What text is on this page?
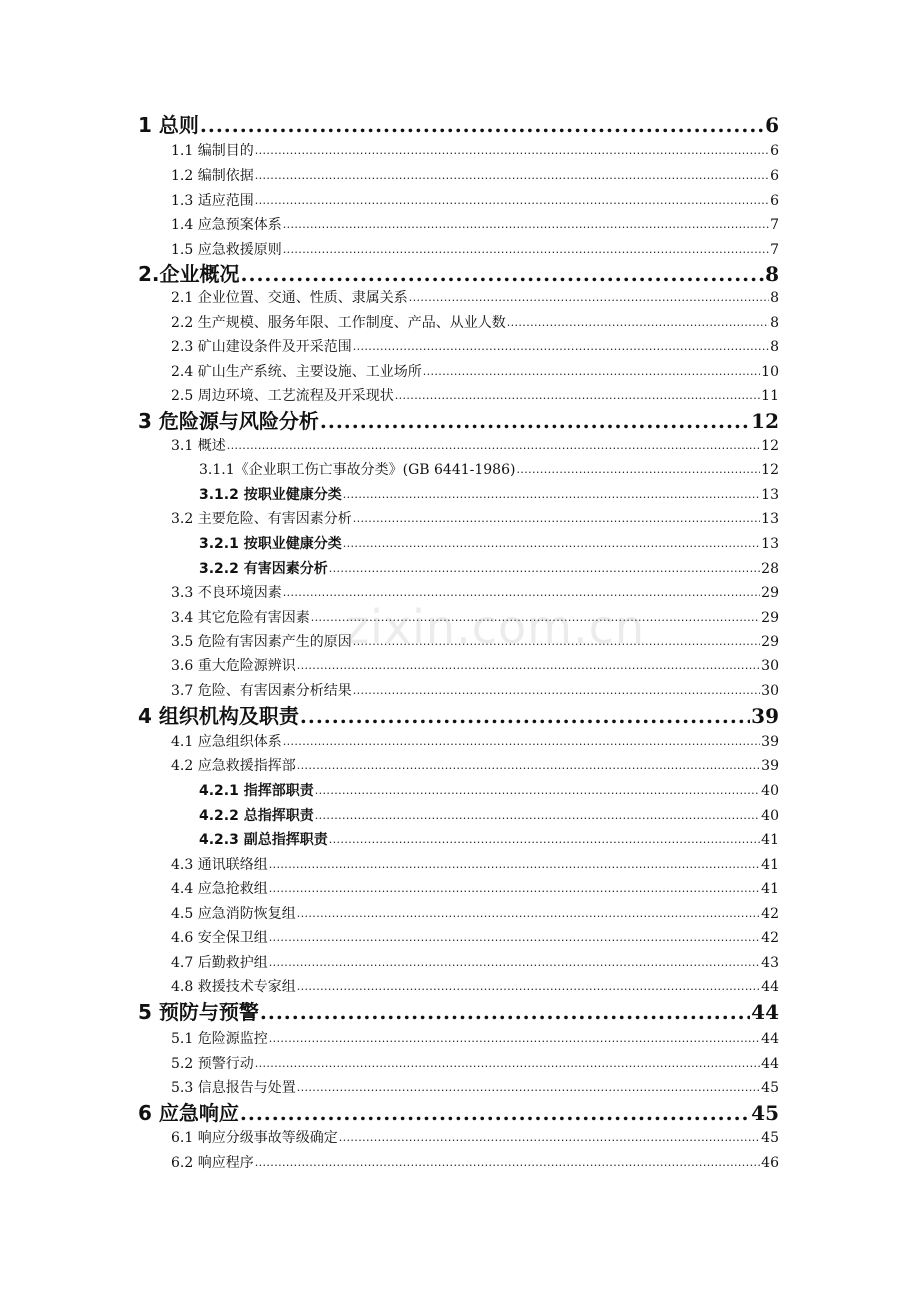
1 总则 .....	6
1.1 编制目的 .....	6
1.2 编制依据 .....	6
1.3 适应范围 .....	6
1.4 应急预案体系 .....	7
1.5 应急救援原则 .....	7
2.企业概况 .....	8
2.1 企业位置、交通、性质、隶属关系 .....	8
2.2 生产规模、服务年限、工作制度、产品、从业人数 .....	8
2.3 矿山建设条件及开采范围 .....	8
2.4 矿山生产系统、主要设施、工业场所 .....	10
2.5 周边环境、工艺流程及开采现状 .....	11
3 危险源与风险分析 .....	12
3.1 概述 .....	12
3.1.1《企业职工伤亡事故分类》(GB 6441-1986) .....	12
3.1.2 按职业健康分类 .....	13
3.2 主要危险、有害因素分析 .....	13
3.2.1 按职业健康分类 .....	13
3.2.2 有害因素分析 .....	28
3.3 不良环境因素 .....	29
3.4 其它危险有害因素 .....	29
3.5 危险有害因素产生的原因 .....	29
3.6 重大危险源辨识 .....	30
3.7 危险、有害因素分析结果 .....	30
4 组织机构及职责 .....	39
4.1 应急组织体系 .....	39
4.2 应急救援指挥部 .....	39
4.2.1 指挥部职责 .....	40
4.2.2 总指挥职责 .....	40
4.2.3 副总指挥职责 .....	41
4.3 通讯联络组 .....	41
4.4 应急抢救组 .....	41
4.5 应急消防恢复组 .....	42
4.6 安全保卫组 .....	42
4.7 后勤救护组 .....	43
4.8 救援技术专家组 .....	44
5 预防与预警 .....	44
5.1 危险源监控 .....	44
5.2 预警行动 .....	44
5.3 信息报告与处置 .....	45
6 应急响应 .....	45
6.1 响应分级事故等级确定 .....	45
6.2 响应程序 .....	46
zixin.com.cn
